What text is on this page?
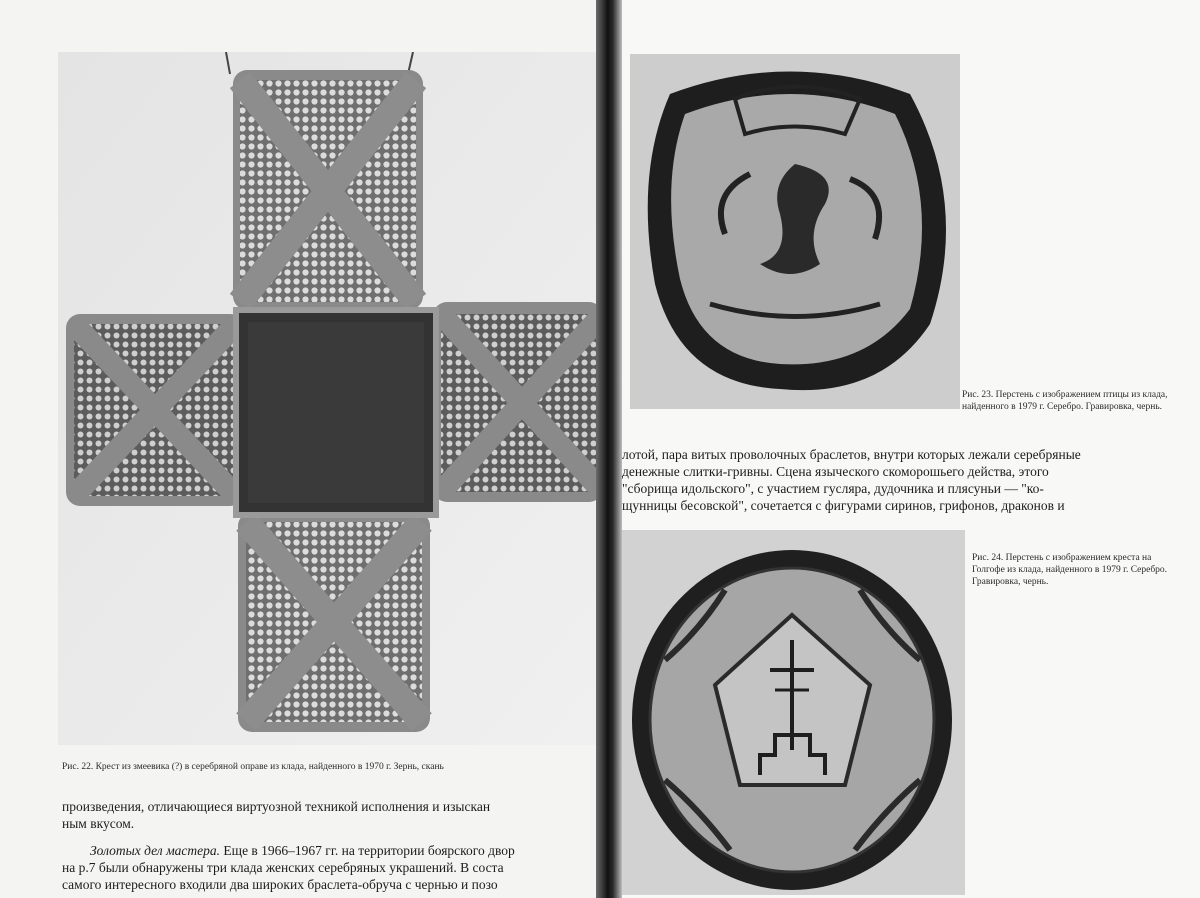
Рис. 22. Крест из змеевика (?) в серебряной оправе из клада, найденного в 1970 г. Зернь, скань

произведения, отличающиеся виртуозной техникой исполнения и изыскан

ным вкусом.

Золотых дел мастера. Еще в 1966–1967 гг. на территории боярского двор

на р.7 были обнаружены три клада женских серебряных украшений. В соста

самого интересного входили два широких браслета-обруча с чернью и позо

Рис. 23. Перстень с изображением птицы из клада, найденного в 1979 г. Серебро. Гравировка, чернь.

лотой, пара витых проволочных браслетов, внутри которых лежали серебряные

денежные слитки-гривны. Сцена языческого скоморошьего действа, этого

"сборища идольского", с участием гусляра, дудочника и плясуньи — "ко-

щунницы бесовской", сочетается с фигурами сиринов, грифонов, драконов и

Рис. 24. Перстень с изображением креста на Голгофе из клада, найденного в 1979 г. Серебро. Гравировка, чернь.
